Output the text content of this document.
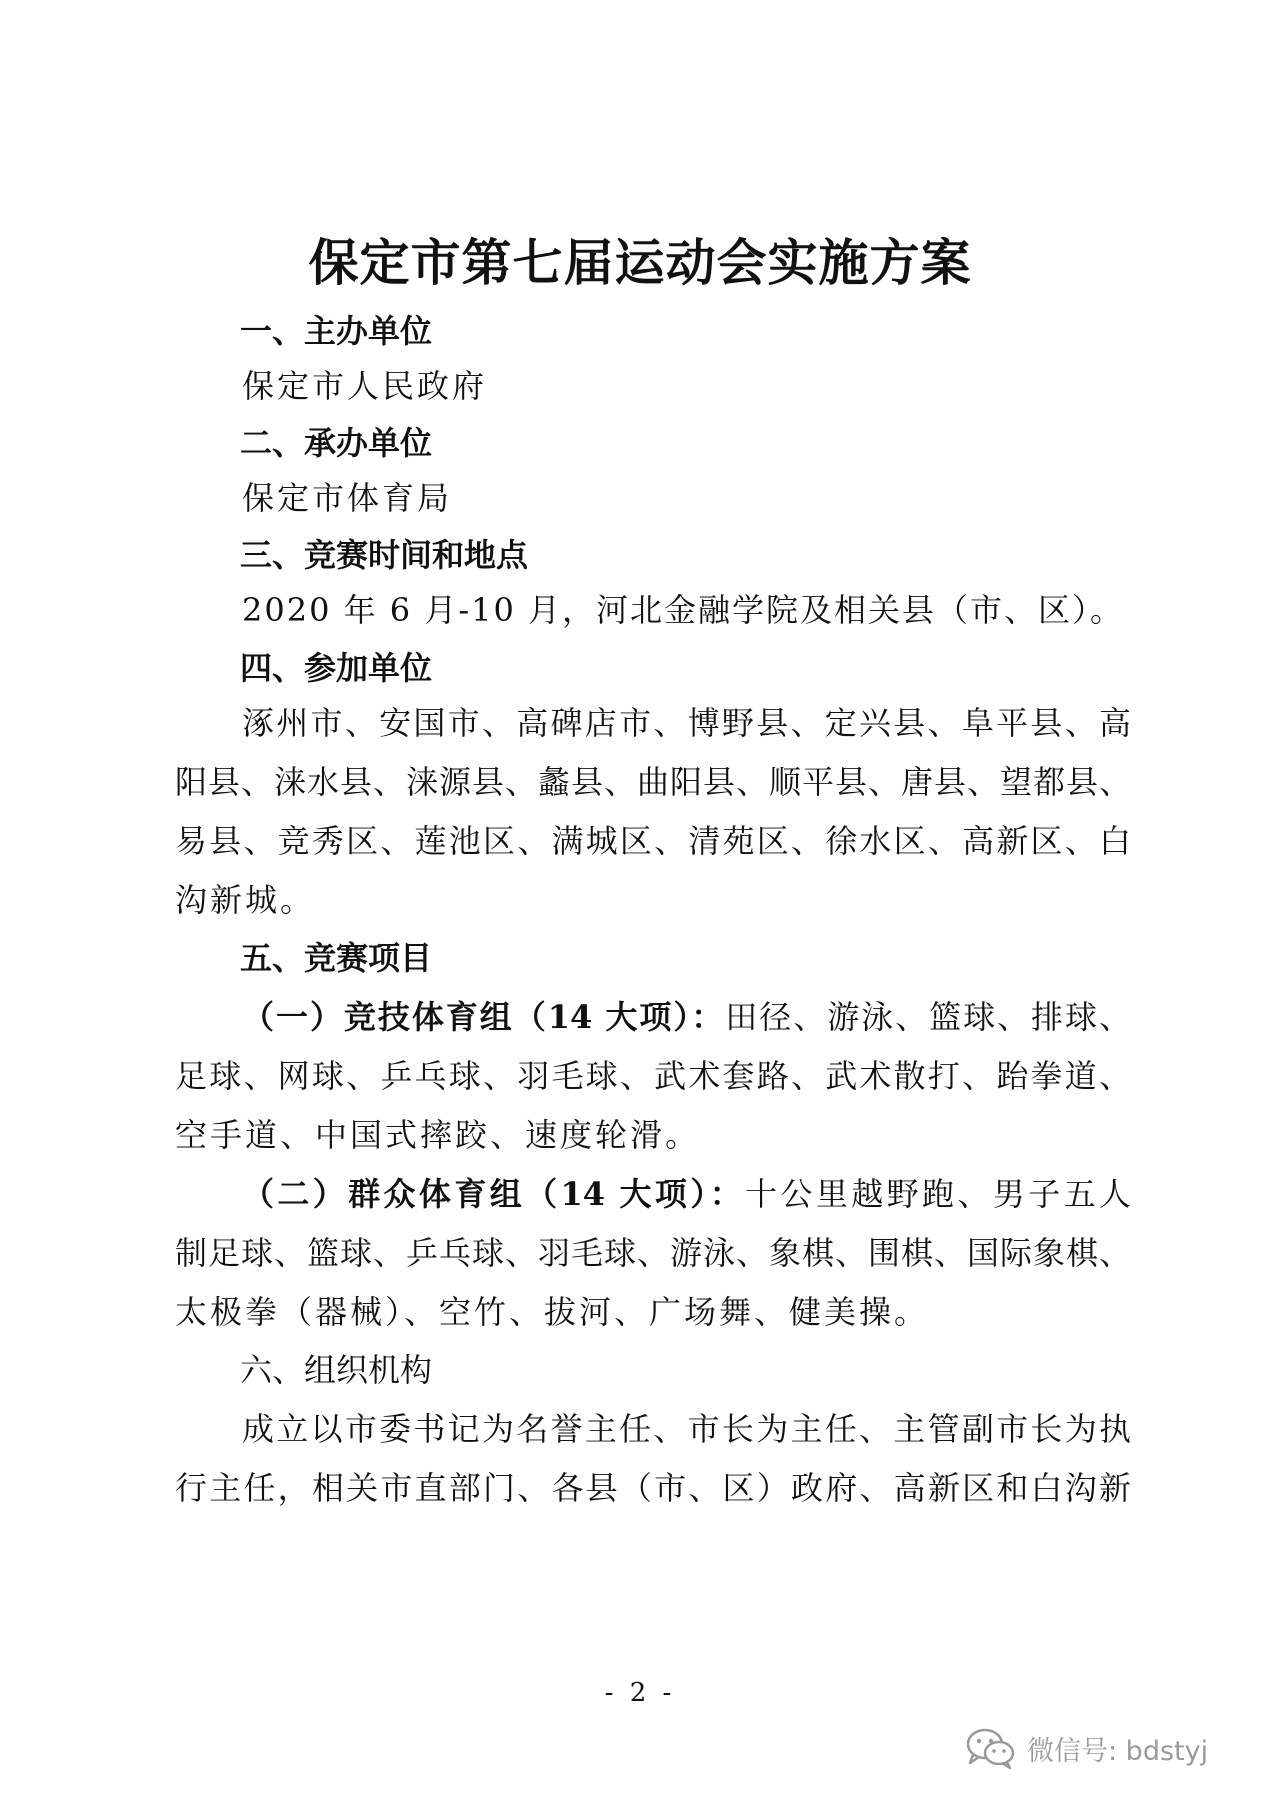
保定市第七届运动会实施方案

一、主办单位

保定市人民政府

二、承办单位

保定市体育局

三、竞赛时间和地点

2020 年 6 月-10 月，河北金融学院及相关县（市、区）。

四、参加单位

涿州市、安国市、高碑店市、博野县、定兴县、阜平县、高

阳县、涞水县、涞源县、蠡县、曲阳县、顺平县、唐县、望都县、

易县、竞秀区、莲池区、满城区、清苑区、徐水区、高新区、白

沟新城。

五、竞赛项目

（一）竞技体育组（14 大项）：田径、游泳、篮球、排球、

足球、网球、乒乓球、羽毛球、武术套路、武术散打、跆拳道、

空手道、中国式摔跤、速度轮滑。

（二）群众体育组（14 大项）：十公里越野跑、男子五人

制足球、篮球、乒乓球、羽毛球、游泳、象棋、围棋、国际象棋、

太极拳（器械）、空竹、拔河、广场舞、健美操。

六、组织机构

成立以市委书记为名誉主任、市长为主任、主管副市长为执

行主任，相关市直部门、各县（市、区）政府、高新区和白沟新

- 2 -
微信号: bdstyj
